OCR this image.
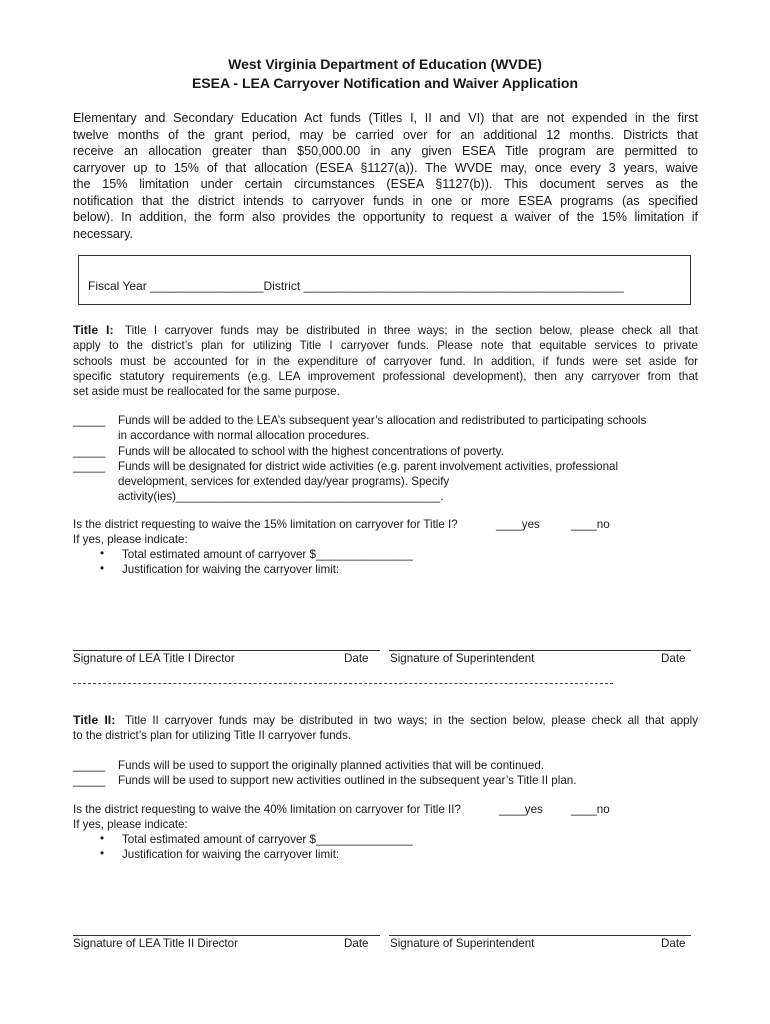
West Virginia Department of Education (WVDE)
ESEA - LEA Carryover Notification and Waiver Application
Elementary and Secondary Education Act funds (Titles I, II and VI) that are not expended in the first
twelve months of the grant period, may be carried over for an additional 12 months. Districts that
receive an allocation greater than $50,000.00 in any given ESEA Title program are permitted to
carryover up to 15% of that allocation (ESEA §1127(a)). The WVDE may, once every 3 years, waive
the 15% limitation under certain circumstances (ESEA §1127(b)). This document serves as the
notification that the district intends to carryover funds in one or more ESEA programs (as specified
below). In addition, the form also provides the opportunity to request a waiver of the 15% limitation if
necessary.
Fiscal Year _________________District ________________________________________________
Title I: Title I carryover funds may be distributed in three ways; in the section below, please check all that
apply to the district’s plan for utilizing Title I carryover funds. Please note that equitable services to private
schools must be accounted for in the expenditure of carryover fund. In addition, if funds were set aside for
specific statutory requirements (e.g. LEA improvement professional development), then any carryover from that
set aside must be reallocated for the same purpose.
_____ Funds will be added to the LEA’s subsequent year’s allocation and redistributed to participating schools
in accordance with normal allocation procedures.
_____ Funds will be allocated to school with the highest concentrations of poverty.
_____ Funds will be designated for district wide activities (e.g. parent involvement activities, professional
development, services for extended day/year programs). Specify
activity(ies)_________________________________________.
Is the district requesting to waive the 15% limitation on carryover for Title I?	____yes	____no
If yes, please indicate:
• Total estimated amount of carryover $_______________
• Justification for waiving the carryover limit:
Signature of LEA Title I Director	Date Signature of Superintendent	Date
Title II: Title II carryover funds may be distributed in two ways; in the section below, please check all that apply
to the district’s plan for utilizing Title II carryover funds.
_____ Funds will be used to support the originally planned activities that will be continued.
_____ Funds will be used to support new activities outlined in the subsequent year’s Title II plan.
Is the district requesting to waive the 40% limitation on carryover for Title II?	____yes ____no
If yes, please indicate:
• Total estimated amount of carryover $_______________
• Justification for waiving the carryover limit:
Signature of LEA Title II Director	Date Signature of Superintendent	Date
